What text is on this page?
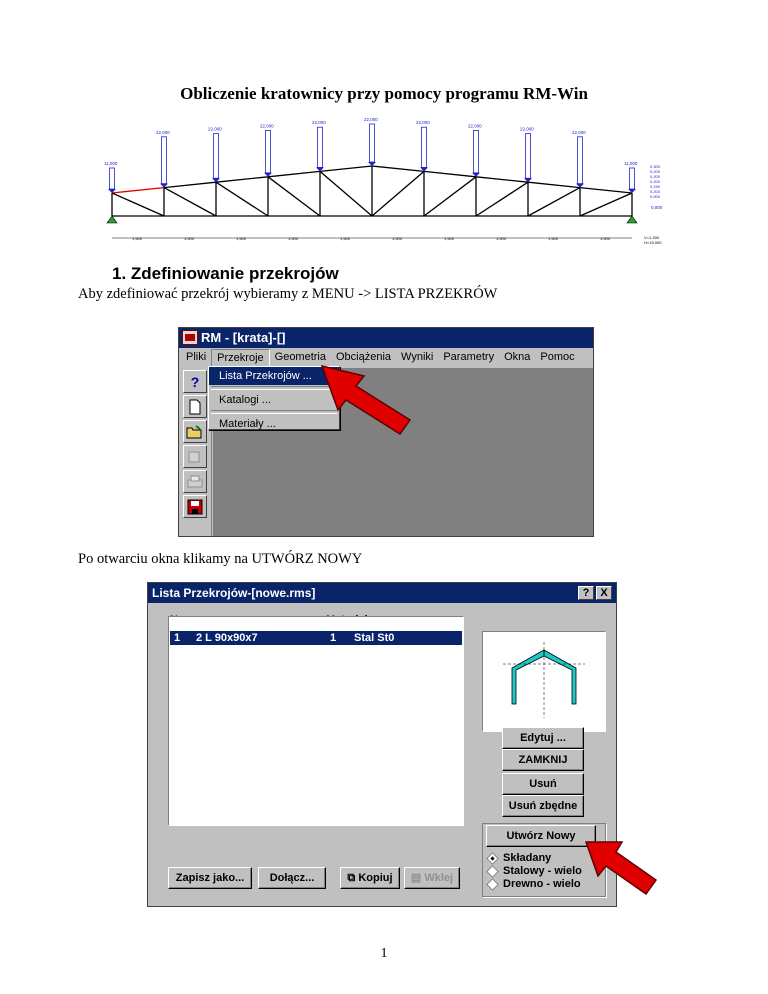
Obliczenie kratownicy przy pomocy programu RM-Win
11,000	11,000
22,000
22,000
22,000
22,000
22,000
22,000
22,000
22,000
22,000
0,300
0,200
0,200
0,200
0,150
0,200
0,000
0,000
1,500	1,500	1,500	1,500	1,500	1,500	1,500	1,500	1,500	1,500	V=1,300
H=15,000
1. Zdefiniowanie przekrojów
Aby zdefiniować przekrój wybieramy z MENU -> LISTA PRZEKRÓW
RM - [krata]-[]
Pliki	Przekroje	Geometria Obciążenia Wyniki Parametry Okna Pomoc
?	Lista Przekrojów ...
Katalogi ...
Materiały ...
Po otwarciu okna klikamy na UTWÓRZ NOWY
Lista Przekrojów-[nowe.rms]	? X
1 2 L 90x90x7	1 Stal St0
Edytuj ...
ZAMKNIJ
Usuń
Usuń zbędne
Utwórz Nowy
Składany
Stalowy - wielo
Drewno - wielo
Zapisz jako...	Dołącz...	⧉ Kopiuj	▤ Wklej
1
